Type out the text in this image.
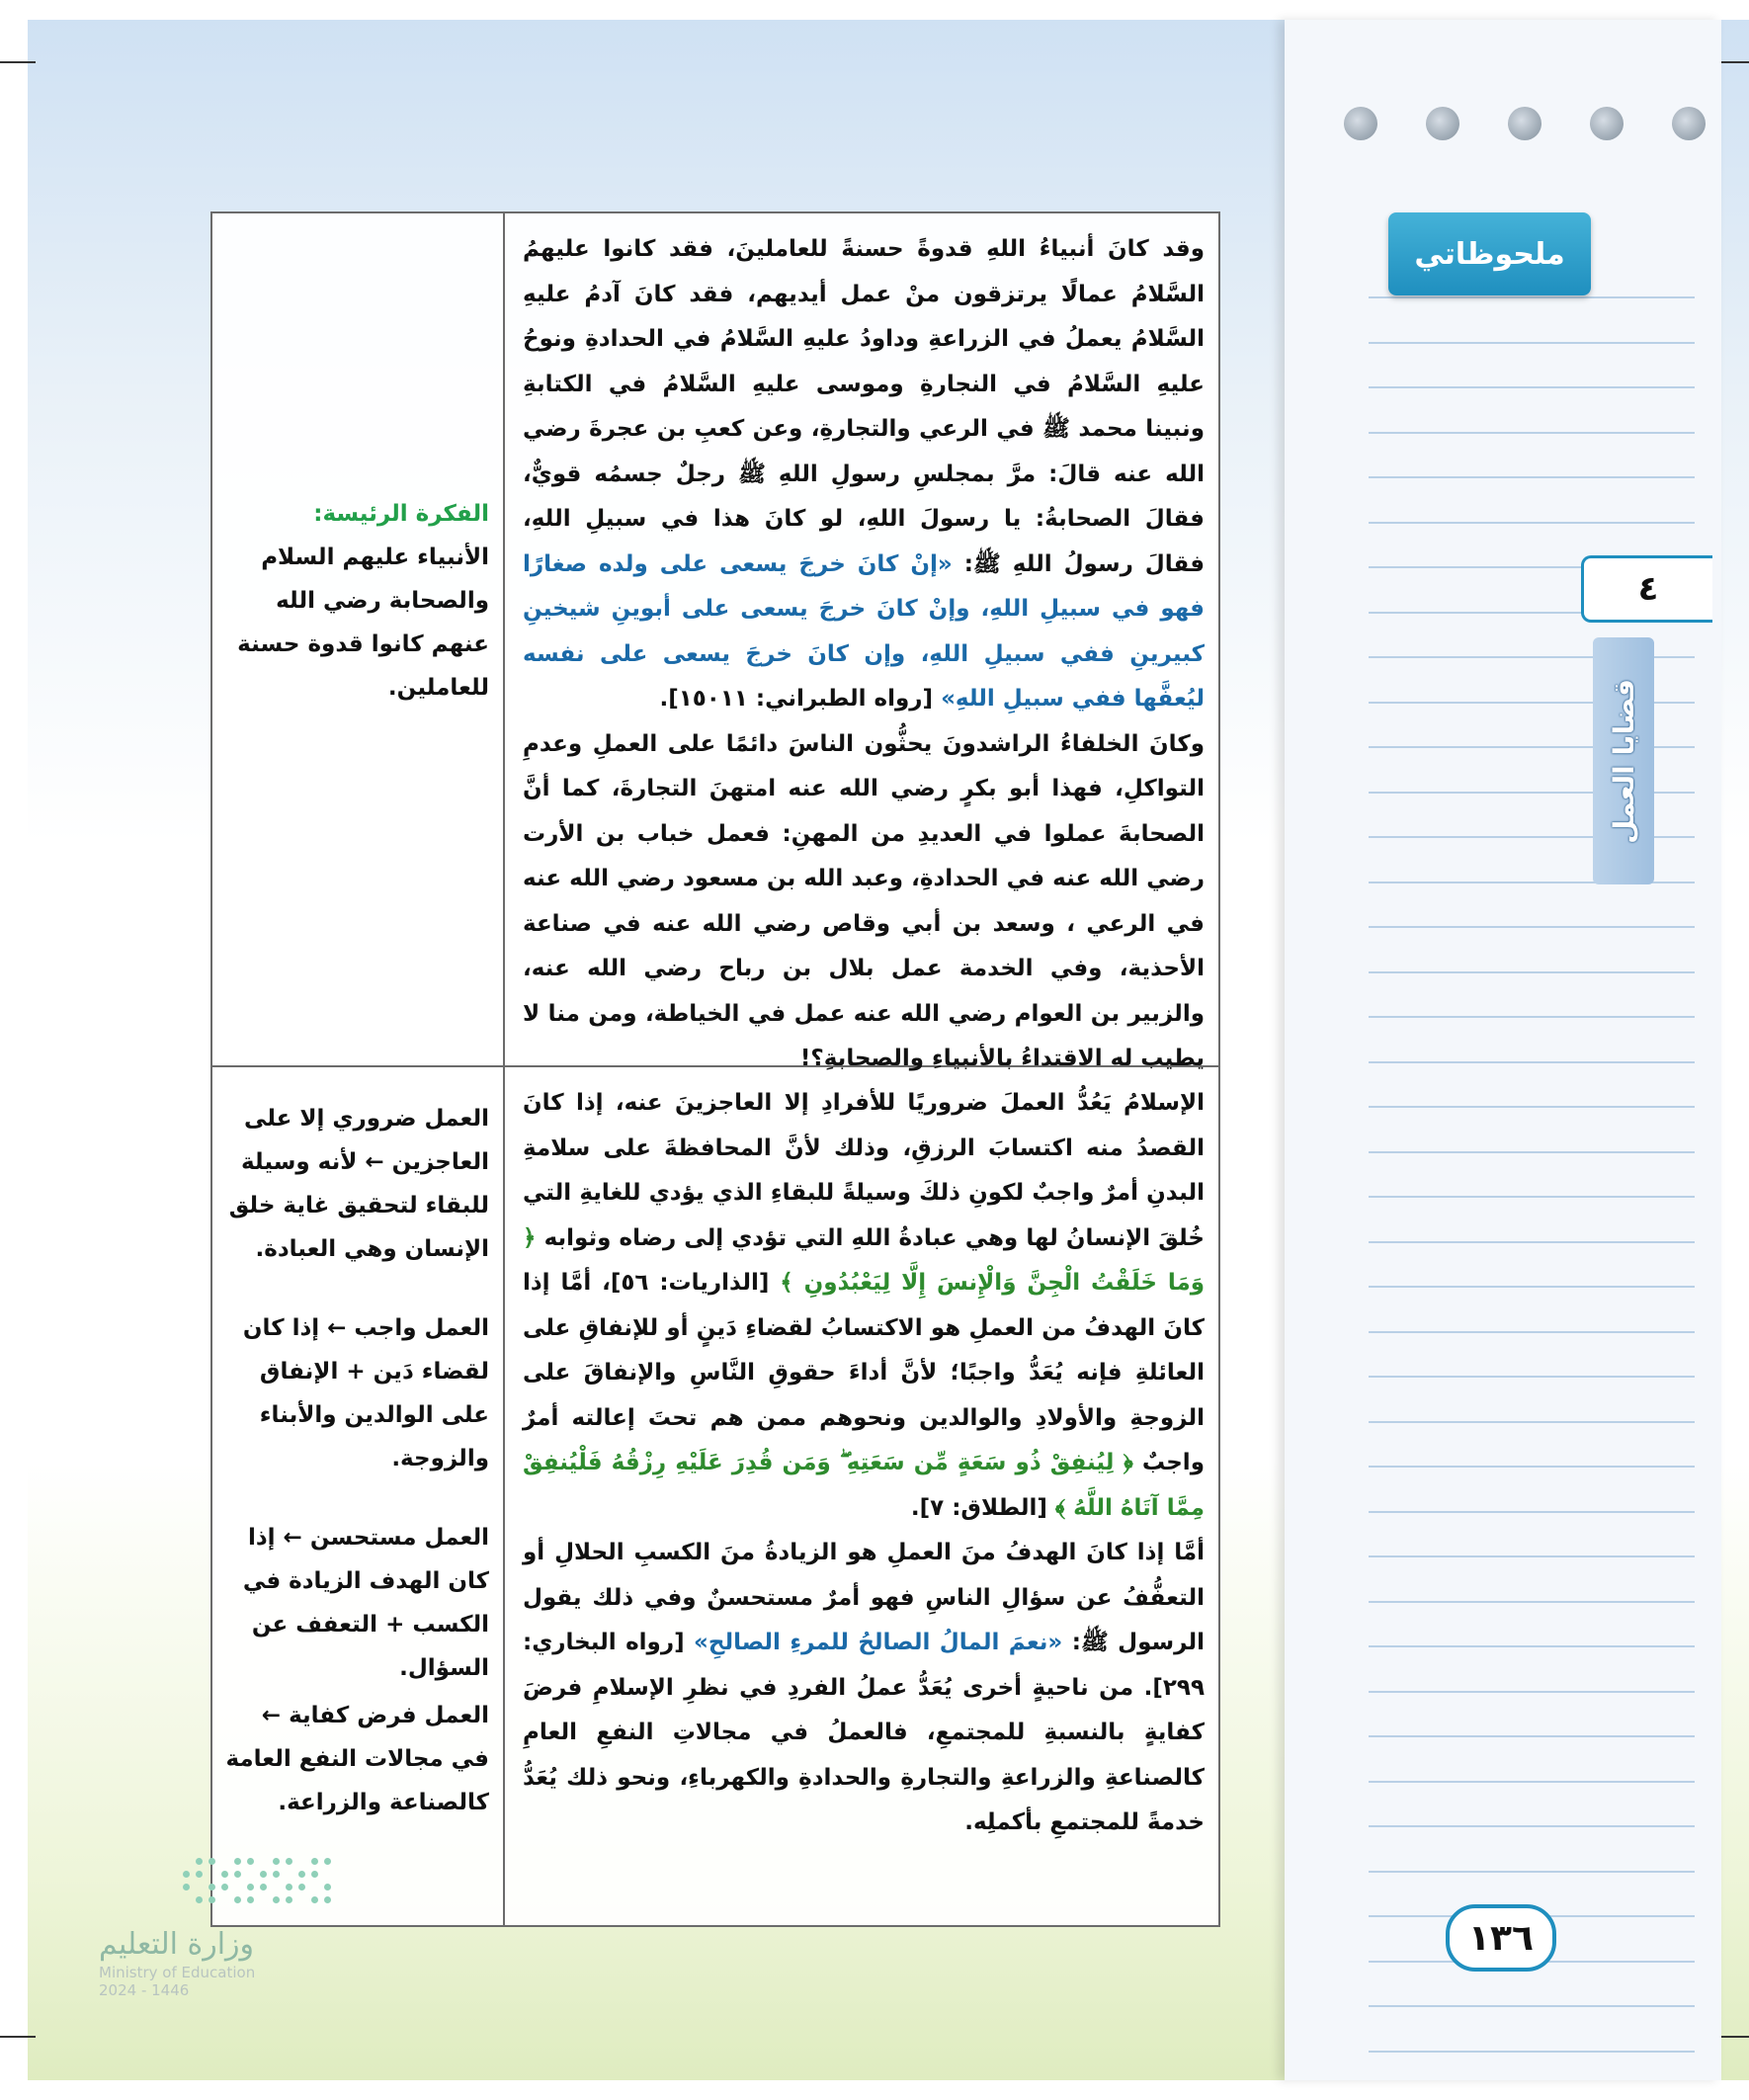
ملحوظاتي
٤
قضايا العمل
١٣٦

وقد كانَ أنبياءُ اللهِ قدوةً حسنةً للعاملينَ، فقد كانوا عليهمُ السَّلامُ عمالًا يرتزقون منْ عمل أيديهم، فقد كانَ آدمُ عليهِ السَّلامُ يعملُ في الزراعةِ وداودُ عليهِ السَّلامُ في الحدادةِ ونوحُ عليهِ السَّلامُ في النجارةِ وموسى عليهِ السَّلامُ في الكتابةِ ونبينا محمد ﷺ في الرعي والتجارةِ، وعن كعبِ بن عجرةَ رضي الله عنه قالَ: مرَّ بمجلسِ رسولِ اللهِ ﷺ رجلٌ جسمُه قويٌّ، فقالَ الصحابةُ: يا رسولَ اللهِ، لو كانَ هذا في سبيلِ اللهِ، فقالَ رسولُ اللهِ ﷺ: «إنْ كانَ خرجَ يسعى على ولده صغارًا فهو في سبيلِ اللهِ، وإنْ كانَ خرجَ يسعى على أبوينِ شيخينِ كبيرينِ ففي سبيلِ اللهِ، وإن كانَ خرجَ يسعى على نفسه ليُعفَّها ففي سبيلِ اللهِ» [رواه الطبراني: ١٥٠١١].

وكانَ الخلفاءُ الراشدونَ يحثُّون الناسَ دائمًا على العملِ وعدمِ التواكلِ، فهذا أبو بكرٍ رضي الله عنه امتهنَ التجارةَ، كما أنَّ الصحابةَ عملوا في العديدِ من المهنِ: فعمل خباب بن الأرت رضي الله عنه في الحدادةِ، وعبد الله بن مسعود رضي الله عنه في الرعي ، وسعد بن أبي وقاص رضي الله عنه في صناعة الأحذية، وفي الخدمة عمل بلال بن رباح رضي الله عنه، والزبير بن العوام رضي الله عنه عمل في الخياطة، ومن منا لا يطيب له الاقتداءُ بالأنبياءِ والصحابةِ؟!

الفكرة الرئيسة:
الأنبياء عليهم السلام والصحابة رضي الله عنهم كانوا قدوة حسنة للعاملين.

الإسلامُ يَعُدُّ العملَ ضروريًا للأفرادِ إلا العاجزينَ عنه، إذا كانَ القصدُ منه اكتسابَ الرزقِ، وذلك لأنَّ المحافظةَ على سلامةِ البدنِ أمرٌ واجبٌ لكونِ ذلكَ وسيلةً للبقاءِ الذي يؤدي للغايةِ التي خُلقَ الإنسانُ لها وهي عبادةُ اللهِ التي تؤدي إلى رضاه وثوابه ﴿ وَمَا خَلَقْتُ الْجِنَّ وَالْإِنسَ إِلَّا لِيَعْبُدُونِ ﴾ [الذاريات: ٥٦]، أمَّا إذا كانَ الهدفُ من العملِ هو الاكتسابُ لقضاءِ دَينٍ أو للإنفاقِ على العائلةِ فإنه يُعَدُّ واجبًا؛ لأنَّ أداءَ حقوقِ النَّاسِ والإنفاقَ على الزوجةِ والأولادِ والوالدين ونحوهم ممن هم تحتَ إعالته أمرٌ واجبٌ ﴿ لِيُنفِقْ ذُو سَعَةٍ مِّن سَعَتِهِ ۖ وَمَن قُدِرَ عَلَيْهِ رِزْقُهُ فَلْيُنفِقْ مِمَّا آتَاهُ اللَّهُ ﴾ [الطلاق: ٧].

أمَّا إذا كانَ الهدفُ منَ العملِ هو الزيادةُ منَ الكسبِ الحلالِ أو التعفُّفُ عن سؤالِ الناسِ فهو أمرٌ مستحسنٌ وفي ذلك يقول الرسول ﷺ: «نعمَ المالُ الصالحُ للمرءِ الصالحِ» [رواه البخاري: ٢٩٩]. من ناحيةٍ أخرى يُعَدُّ عملُ الفردِ في نظرِ الإسلامِ فرضَ كفايةٍ بالنسبةِ للمجتمعِ، فالعملُ في مجالاتِ النفعِ العامِ كالصناعةِ والزراعةِ والتجارةِ والحدادةِ والكهرباءِ، ونحو ذلك يُعَدُّ خدمةً للمجتمعِ بأكملِه.

العمل ضروري إلا على العاجزين ← لأنه وسيلة للبقاء لتحقيق غاية خلق الإنسان وهي العبادة.
العمل واجب ← إذا كان لقضاء دَين + الإنفاق على الوالدين والأبناء والزوجة.
العمل مستحسن ← إذا كان الهدف الزيادة في الكسب + التعفف عن السؤال.
العمل فرض كفاية ← في مجالات النفع العامة كالصناعة والزراعة.
وزارة التعليم
Ministry of Education
2024 - 1446
